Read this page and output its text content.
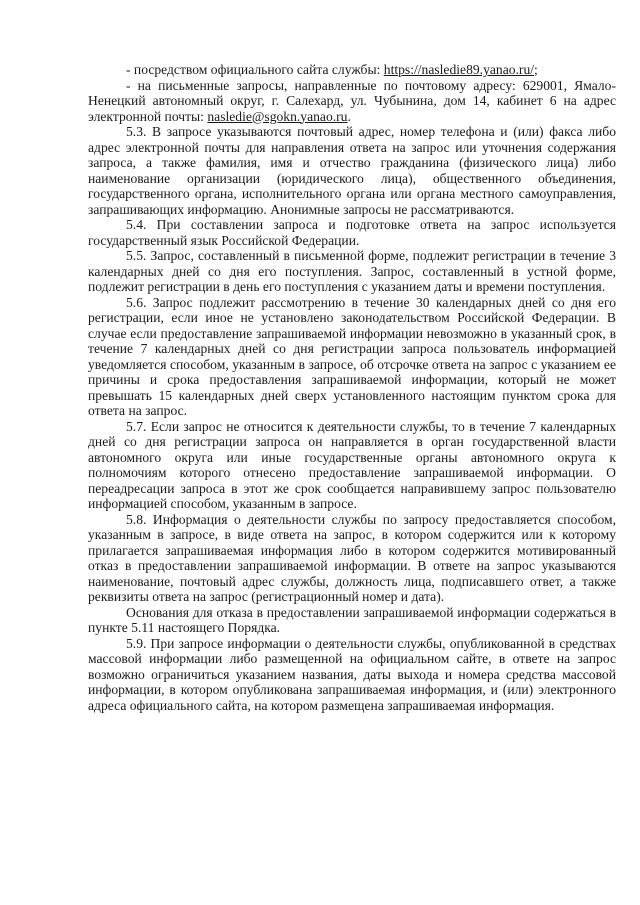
- посредством официального сайта службы: https://nasledie89.yanao.ru/;

- на письменные запросы, направленные по почтовому адресу: 629001, Ямало-Ненецкий автономный округ, г. Салехард, ул. Чубынина, дом 14, кабинет 6 на адрес электронной почты: nasledie@sgokn.yanao.ru.

5.3. В запросе указываются почтовый адрес, номер телефона и (или) факса либо адрес электронной почты для направления ответа на запрос или уточнения содержания запроса, а также фамилия, имя и отчество гражданина (физического лица) либо наименование организации (юридического лица), общественного объединения, государственного органа, исполнительного органа или органа местного самоуправления, запрашивающих информацию. Анонимные запросы не рассматриваются.

5.4. При составлении запроса и подготовке ответа на запрос используется государственный язык Российской Федерации.

5.5. Запрос, составленный в письменной форме, подлежит регистрации в течение 3 календарных дней со дня его поступления. Запрос, составленный в устной форме, подлежит регистрации в день его поступления с указанием даты и времени поступления.

5.6. Запрос подлежит рассмотрению в течение 30 календарных дней со дня его регистрации, если иное не установлено законодательством Российской Федерации. В случае если предоставление запрашиваемой информации невозможно в указанный срок, в течение 7 календарных дней со дня регистрации запроса пользователь информацией уведомляется способом, указанным в запросе, об отсрочке ответа на запрос с указанием ее причины и срока предоставления запрашиваемой информации, который не может превышать 15 календарных дней сверх установленного настоящим пунктом срока для ответа на запрос.

5.7. Если запрос не относится к деятельности службы, то в течение 7 календарных дней со дня регистрации запроса он направляется в орган государственной власти автономного округа или иные государственные органы автономного округа к полномочиям которого отнесено предоставление запрашиваемой информации. О переадресации запроса в этот же срок сообщается направившему запрос пользователю информацией способом, указанным в запросе.

5.8. Информация о деятельности службы по запросу предоставляется способом, указанным в запросе, в виде ответа на запрос, в котором содержится или к которому прилагается запрашиваемая информация либо в котором содержится мотивированный отказ в предоставлении запрашиваемой информации. В ответе на запрос указываются наименование, почтовый адрес службы, должность лица, подписавшего ответ, а также реквизиты ответа на запрос (регистрационный номер и дата).

Основания для отказа в предоставлении запрашиваемой информации содержаться в пункте 5.11 настоящего Порядка.

5.9. При запросе информации о деятельности службы, опубликованной в средствах массовой информации либо размещенной на официальном сайте, в ответе на запрос возможно ограничиться указанием названия, даты выхода и номера средства массовой информации, в котором опубликована запрашиваемая информация, и (или) электронного адреса официального сайта, на котором размещена запрашиваемая информация.
